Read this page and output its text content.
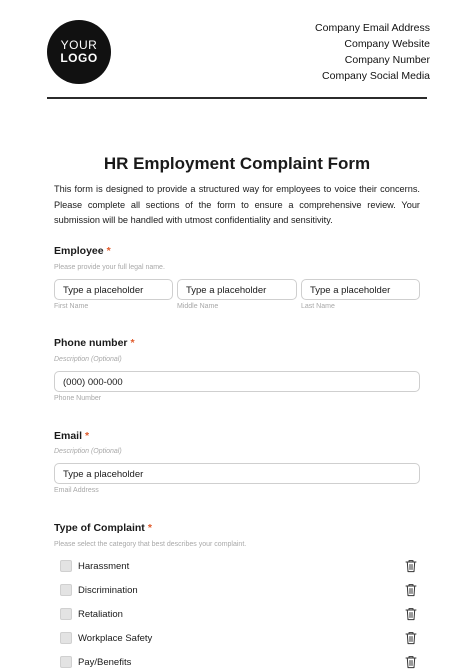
YOUR
LOGO
Company Email Address
Company Website
Company Number
Company Social Media
HR Employment Complaint Form
This form is designed to provide a structured way for employees to voice their concerns. Please complete all sections of the form to ensure a comprehensive review. Your submission will be handled with utmost confidentiality and sensitivity.
Employee *
Please provide your full legal name.
Type a placeholder
First Name
Type a placeholder
Middle Name
Type a placeholder
Last Name
Phone number *
Description (Optional)
(000) 000-000
Phone Number
Email *
Description (Optional)
Type a placeholder
Email Address
Type of Complaint *
Please select the category that best describes your complaint.
Harassment
Discrimination
Retaliation
Workplace Safety
Pay/Benefits
